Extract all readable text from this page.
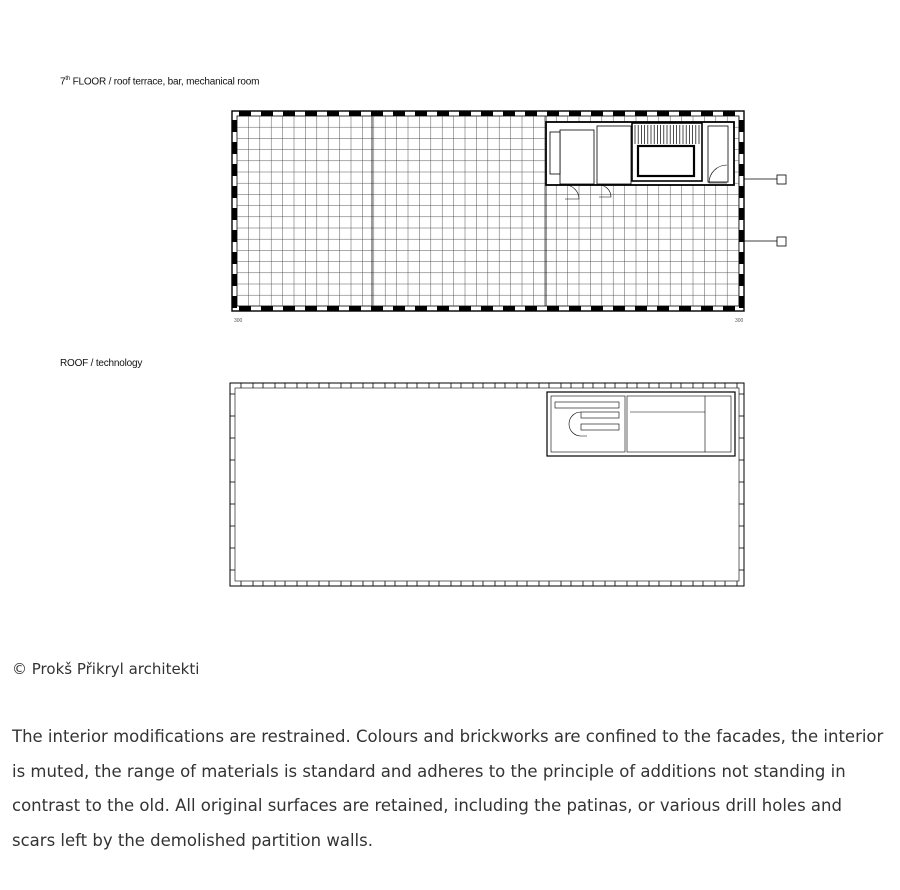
7th FLOOR / roof terrace, bar, mechanical room
300	300
ROOF / technology
© Prokš Přikryl architekti

The interior modifications are restrained. Colours and brickworks are confined to the facades, the interior is muted, the range of materials is standard and adheres to the principle of additions not standing in contrast to the old. All original surfaces are retained, including the patinas, or various drill holes and scars left by the demolished partition walls.
